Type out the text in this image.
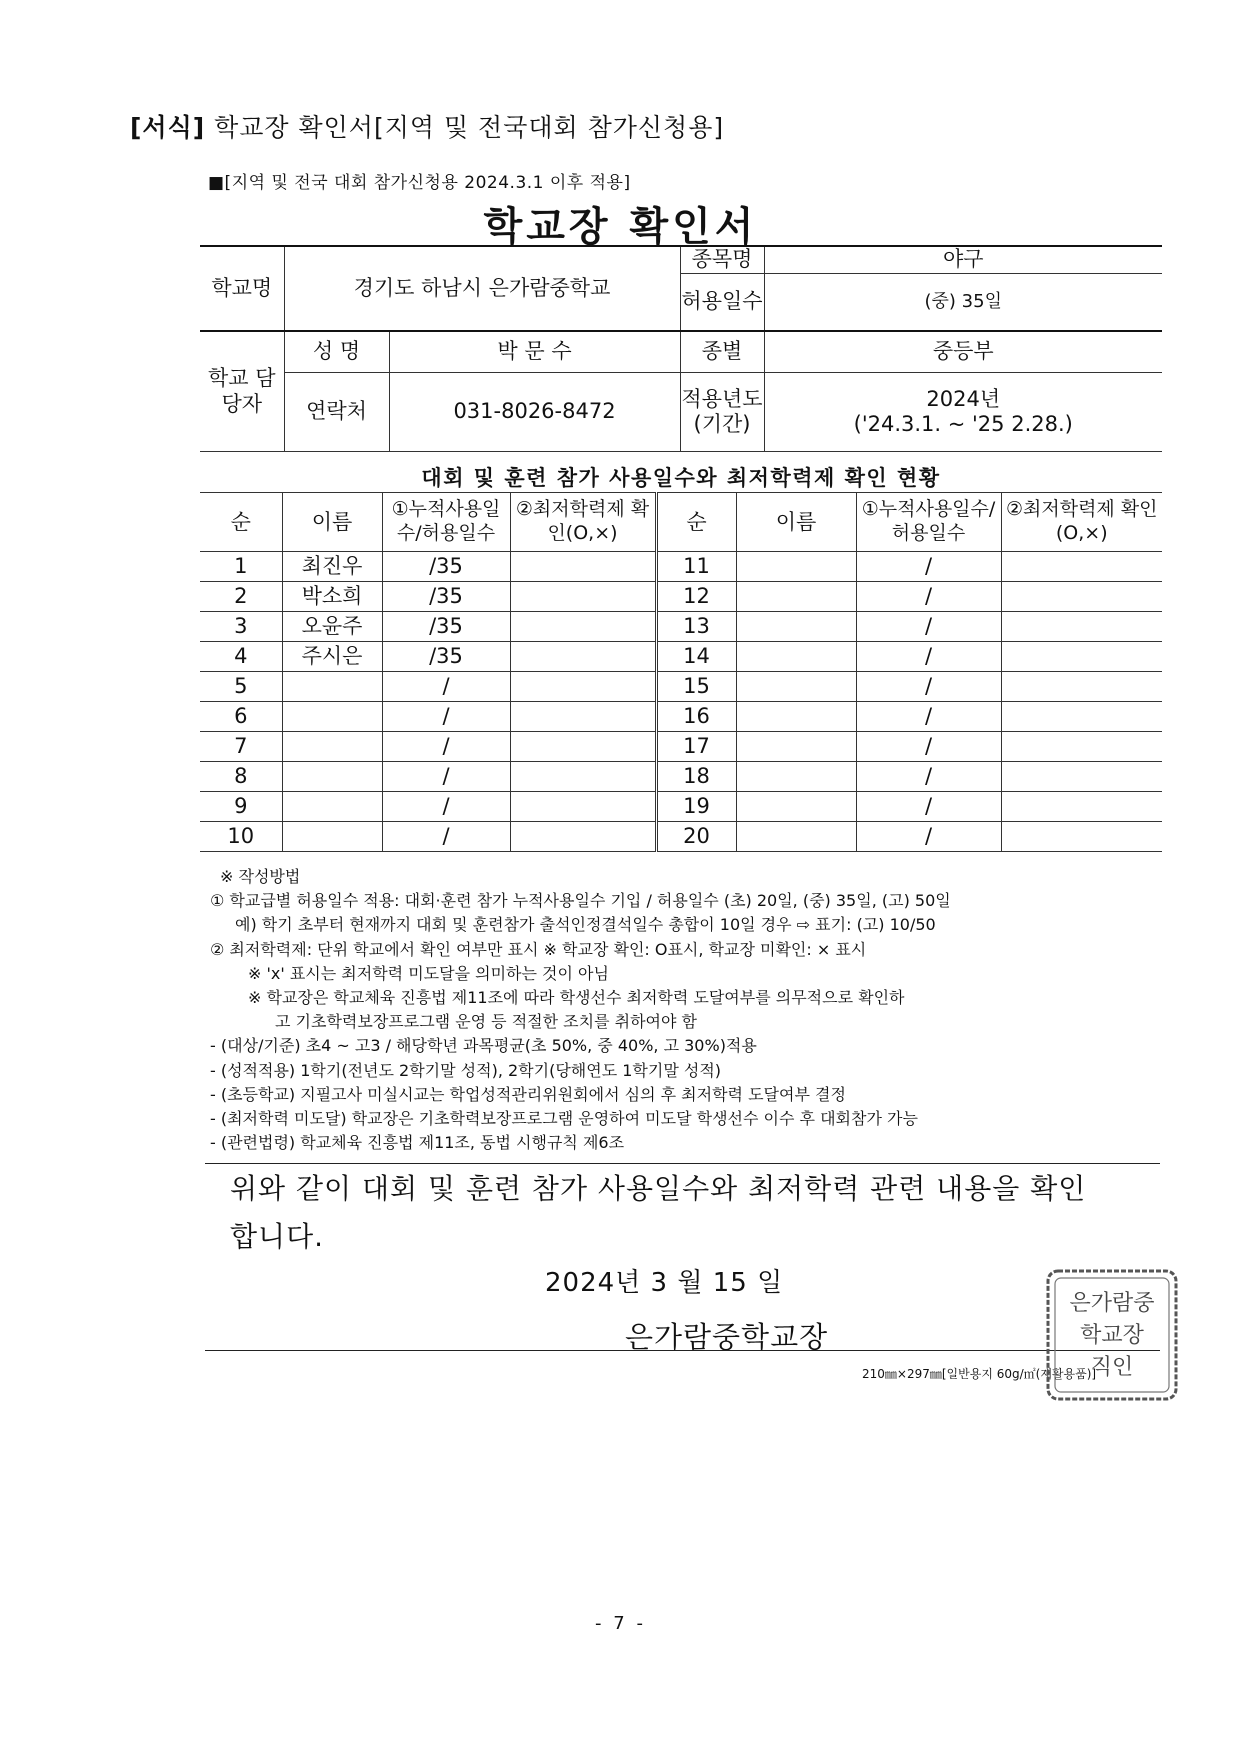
[서식] 학교장 확인서[지역 및 전국대회 참가신청용]
■[지역 및 전국 대회 참가신청용 2024.3.1 이후 적용]
학교장 확인서
학교명	경기도 하남시 은가람중학교		종목명	야구
			허용일수	(중) 35일
학교 담당자	성 명	박 문 수	종별	중등부
	연락처	031-8026-8472	적용년도 (기간)	2024년
('24.3.1. ~ '25 2.28.)
대회 및 훈련 참가 사용일수와 최저학력제 확인 현황
순	이름	①누적사용일수/허용일수	②최저학력제 확인(O,×)	순	이름	①누적사용일수/허용일수	②최저학력제 확인(O,×)
1	최진우	/35		11		/	
2	박소희	/35		12		/	
3	오윤주	/35		13		/	
4	주시은	/35		14		/	
5		/		15		/	
6		/		16		/	
7		/		17		/	
8		/		18		/	
9		/		19		/	
10		/		20		/	
※ 작성방법
① 학교급별 허용일수 적용: 대회·훈련 참가 누적사용일수 기입 / 허용일수 (초) 20일, (중) 35일, (고) 50일
예) 학기 초부터 현재까지 대회 및 훈련참가 출석인정결석일수 총합이 10일 경우 ⇨ 표기: (고) 10/50
② 최저학력제: 단위 학교에서 확인 여부만 표시 ※ 학교장 확인: O표시, 학교장 미확인: × 표시
※ 'x' 표시는 최저학력 미도달을 의미하는 것이 아님
※ 학교장은 학교체육 진흥법 제11조에 따라 학생선수 최저학력 도달여부를 의무적으로 확인하
고 기초학력보장프로그램 운영 등 적절한 조치를 취하여야 함
- (대상/기준) 초4 ~ 고3 / 해당학년 과목평균(초 50%, 중 40%, 고 30%)적용
- (성적적용) 1학기(전년도 2학기말 성적), 2학기(당해연도 1학기말 성적)
- (초등학교) 지필고사 미실시교는 학업성적관리위원회에서 심의 후 최저학력 도달여부 결정
- (최저학력 미도달) 학교장은 기초학력보장프로그램 운영하여 미도달 학생선수 이수 후 대회참가 가능
- (관련법령) 학교체육 진흥법 제11조, 동법 시행규칙 제6조
위와 같이 대회 및 훈련 참가 사용일수와 최저학력 관련 내용을 확인
합니다.
2024년 3 월 15 일
은가람중학교장
210㎜×297㎜[일반용지 60g/㎡(재활용품)]
은가람중
학교장
직인
- 7 -
